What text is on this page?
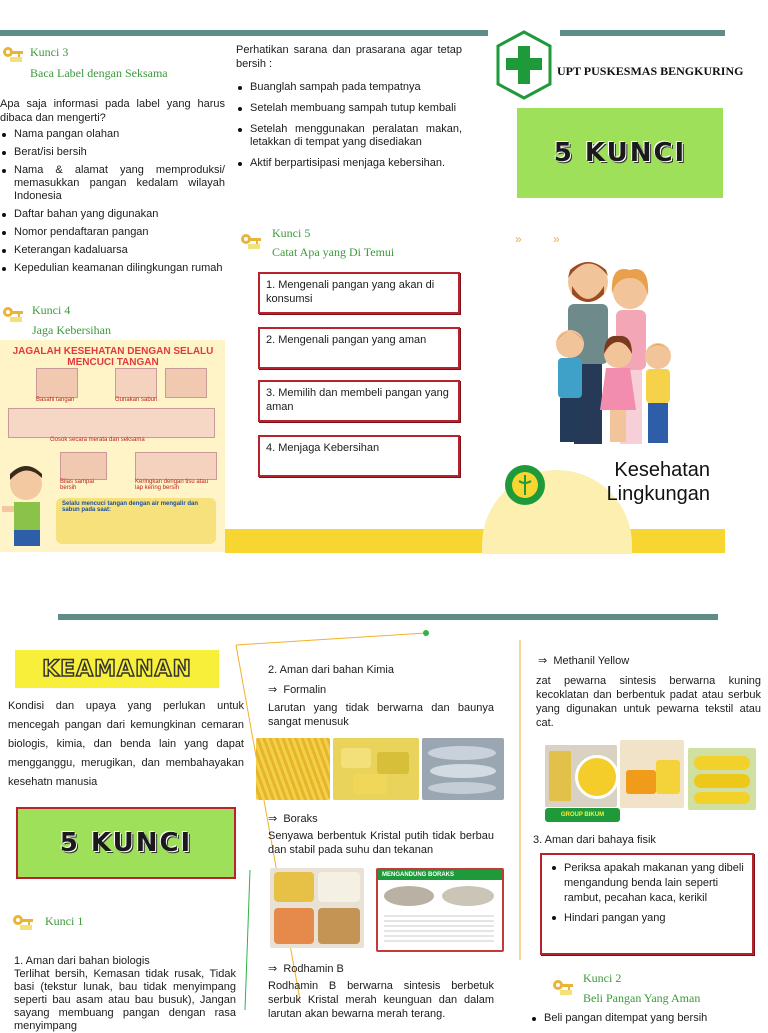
Kunci 3
Baca Label dengan Seksama
Apa saja informasi pada label yang harus dibaca dan mengerti?
Nama pangan olahan
Berat/isi bersih
Nama & alamat yang memproduksi/ memasukkan pangan kedalam wilayah Indonesia
Daftar bahan yang digunakan
Nomor pendaftaran pangan
Keterangan kadaluarsa
Kepedulian keamanan dilingkungan rumah
Kunci 4
Jaga Kebersihan
JAGALAH KESEHATAN DENGAN SELALU MENCUCI TANGAN
Basahi tangan	Gunakan sabun
Gosok secara merata dan seksama
Bilas sampai bersih
Keringkan dengan tisu atau lap kering bersih
Selalu mencuci tangan dengan air mengalir dan sabun pada saat:
Perhatikan sarana dan prasarana agar tetap bersih :
Buanglah sampah pada tempatnya
Setelah membuang sampah tutup kembali
Setelah menggunakan peralatan makan, letakkan di tempat yang disediakan
Aktif berpartisipasi menjaga kebersihan.
Kunci 5
Catat Apa yang Di Temui
1. Mengenali pangan yang akan di konsumsi
2. Mengenali pangan yang aman
3. Memilih dan membeli pangan yang aman
4. Menjaga Kebersihan
UPT PUSKESMAS BENGKURING
5 KUNCI
» »
Kesehatan
Lingkungan
KEAMANAN
Kondisi dan upaya yang perlukan untuk mencegah pangan dari kemungkinan cemaran biologis, kimia, dan benda lain yang dapat mengganggu, merugikan, dan membahayakan kesehatn manusia
5 KUNCI
Kunci 1
1. Aman dari bahan biologis
Terlihat bersih, Kemasan tidak rusak, Tidak basi (tekstur lunak, bau tidak menyimpang seperti bau asam atau bau busuk), Jangan sayang membuang pangan dengan rasa menyimpang
2. Aman dari bahan Kimia
⇒ Formalin
Larutan yang tidak berwarna dan baunya sangat menusuk
⇒ Boraks
Senyawa berbentuk Kristal putih tidak berbau dan stabil pada suhu dan tekanan
MENGANDUNG BORAKS
⇒ Rodhamin B
Rodhamin B berwarna sintesis berbetuk serbuk Kristal merah keunguan dan dalam larutan akan bewarna merah terang.
⇒ Methanil Yellow
zat pewarna sintesis berwarna kuning kecoklatan dan berbentuk padat atau serbuk yang digunakan untuk pewarna tekstil atau cat.
GROUP BIKUM
3. Aman dari bahaya fisik
Periksa apakah makanan yang dibeli mengandung benda lain seperti rambut, pecahan kaca, kerikil
Hindari pangan yang
Kunci 2
Beli Pangan Yang Aman
Beli pangan ditempat yang bersih
